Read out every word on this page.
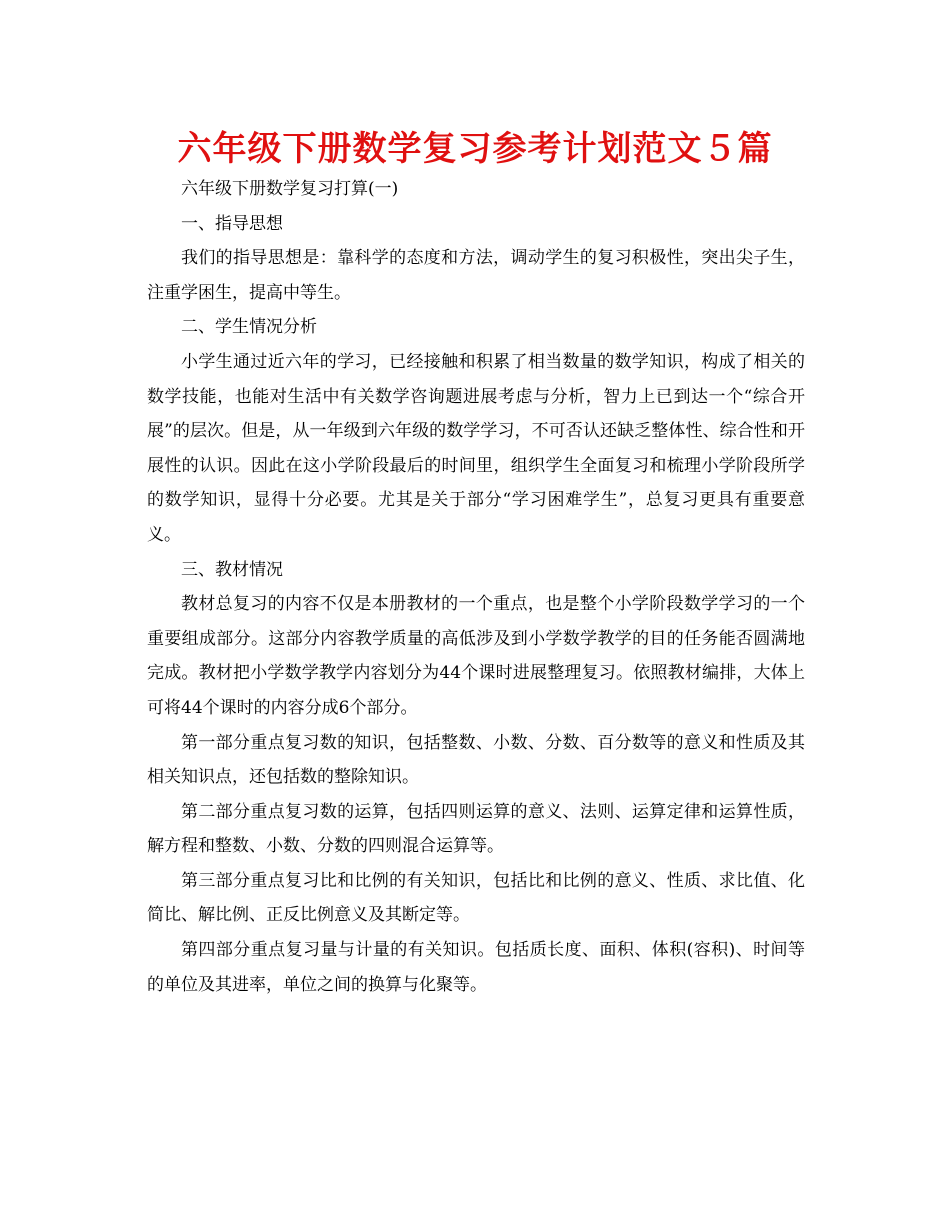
六年级下册数学复习参考计划范文５篇

六年级下册数学复习打算(一)

一、指导思想

我们的指导思想是：靠科学的态度和方法，调动学生的复习积极性，突出尖子生，注重学困生，提高中等生。

二、学生情况分析

小学生通过近六年的学习，已经接触和积累了相当数量的数学知识，构成了相关的数学技能，也能对生活中有关数学咨询题进展考虑与分析，智力上已到达一个“综合开展”的层次。但是，从一年级到六年级的数学学习，不可否认还缺乏整体性、综合性和开展性的认识。因此在这小学阶段最后的时间里，组织学生全面复习和梳理小学阶段所学的数学知识，显得十分必要。尤其是关于部分“学习困难学生”，总复习更具有重要意义。

三、教材情况

教材总复习的内容不仅是本册教材的一个重点，也是整个小学阶段数学学习的一个重要组成部分。这部分内容教学质量的高低涉及到小学数学教学的目的任务能否圆满地完成。教材把小学数学教学内容划分为44个课时进展整理复习。依照教材编排，大体上可将44个课时的内容分成6个部分。

第一部分重点复习数的知识，包括整数、小数、分数、百分数等的意义和性质及其相关知识点，还包括数的整除知识。

第二部分重点复习数的运算，包括四则运算的意义、法则、运算定律和运算性质，解方程和整数、小数、分数的四则混合运算等。

第三部分重点复习比和比例的有关知识，包括比和比例的意义、性质、求比值、化简比、解比例、正反比例意义及其断定等。

第四部分重点复习量与计量的有关知识。包括质长度、面积、体积(容积)、时间等的单位及其进率，单位之间的换算与化聚等。
